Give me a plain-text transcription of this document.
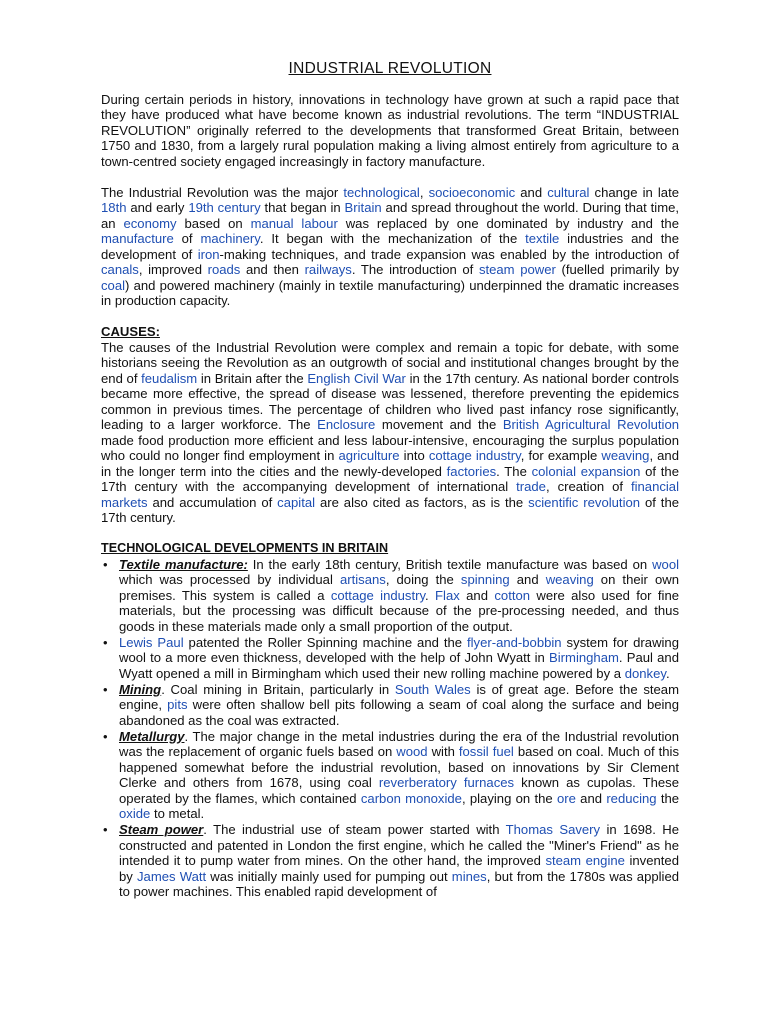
INDUSTRIAL REVOLUTION

During certain periods in history, innovations in technology have grown at such a rapid pace that they have produced what have become known as industrial revolutions. The term “INDUSTRIAL REVOLUTION” originally referred to the developments that transformed Great Britain, between 1750 and 1830, from a largely rural population making a living almost entirely from agriculture to a town-centred society engaged increasingly in factory manufacture.

The Industrial Revolution was the major technological, socioeconomic and cultural change in late 18th and early 19th century that began in Britain and spread throughout the world. During that time, an economy based on manual labour was replaced by one dominated by industry and the manufacture of machinery. It began with the mechanization of the textile industries and the development of iron-making techniques, and trade expansion was enabled by the introduction of canals, improved roads and then railways. The introduction of steam power (fuelled primarily by coal) and powered machinery (mainly in textile manufacturing) underpinned the dramatic increases in production capacity.

CAUSES:

The causes of the Industrial Revolution were complex and remain a topic for debate, with some historians seeing the Revolution as an outgrowth of social and institutional changes brought by the end of feudalism in Britain after the English Civil War in the 17th century. As national border controls became more effective, the spread of disease was lessened, therefore preventing the epidemics common in previous times. The percentage of children who lived past infancy rose significantly, leading to a larger workforce. The Enclosure movement and the British Agricultural Revolution made food production more efficient and less labour-intensive, encouraging the surplus population who could no longer find employment in agriculture into cottage industry, for example weaving, and in the longer term into the cities and the newly-developed factories. The colonial expansion of the 17th century with the accompanying development of international trade, creation of financial markets and accumulation of capital are also cited as factors, as is the scientific revolution of the 17th century.

TECHNOLOGICAL DEVELOPMENTS IN BRITAIN
• Textile manufacture: In the early 18th century, British textile manufacture was based on wool which was processed by individual artisans, doing the spinning and weaving on their own premises. This system is called a cottage industry. Flax and cotton were also used for fine materials, but the processing was difficult because of the pre-processing needed, and thus goods in these materials made only a small proportion of the output.
• Lewis Paul patented the Roller Spinning machine and the flyer-and-bobbin system for drawing wool to a more even thickness, developed with the help of John Wyatt in Birmingham. Paul and Wyatt opened a mill in Birmingham which used their new rolling machine powered by a donkey.
• Mining. Coal mining in Britain, particularly in South Wales is of great age. Before the steam engine, pits were often shallow bell pits following a seam of coal along the surface and being abandoned as the coal was extracted.
• Metallurgy. The major change in the metal industries during the era of the Industrial revolution was the replacement of organic fuels based on wood with fossil fuel based on coal. Much of this happened somewhat before the industrial revolution, based on innovations by Sir Clement Clerke and others from 1678, using coal reverberatory furnaces known as cupolas. These operated by the flames, which contained carbon monoxide, playing on the ore and reducing the oxide to metal.
• Steam power. The industrial use of steam power started with Thomas Savery in 1698. He constructed and patented in London the first engine, which he called the "Miner's Friend" as he intended it to pump water from mines. On the other hand, the improved steam engine invented by James Watt was initially mainly used for pumping out mines, but from the 1780s was applied to power machines. This enabled rapid development of
